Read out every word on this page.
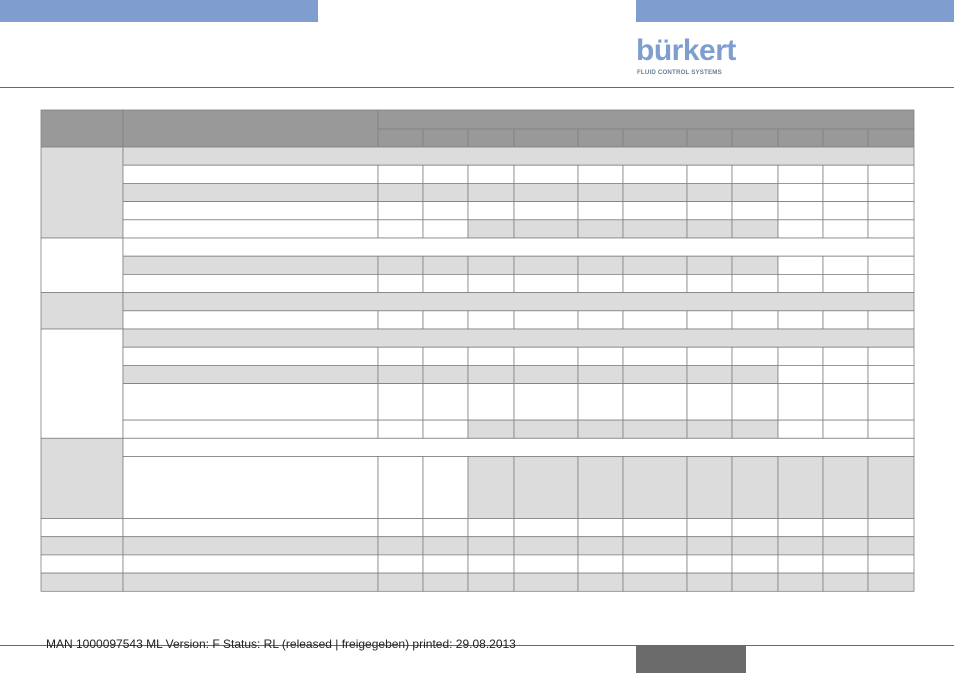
bürkert
FLUID CONTROL SYSTEMS
MAN 1000097543 ML Version: F Status: RL (released | freigegeben) printed: 29.08.2013
